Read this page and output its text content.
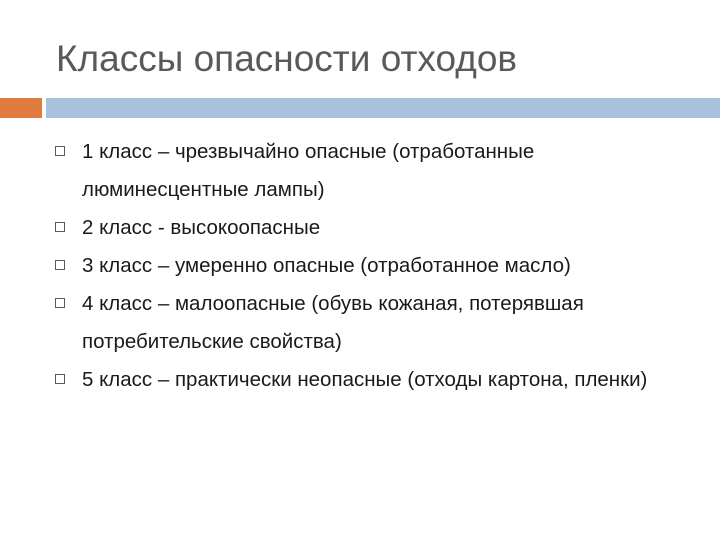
Классы опасности отходов
1 класс – чрезвычайно опасные (отработанные люминесцентные лампы)
2 класс - высокоопасные
3 класс – умеренно опасные (отработанное масло)
4 класс – малоопасные (обувь кожаная, потерявшая потребительские свойства)
5 класс – практически неопасные (отходы картона, пленки)
